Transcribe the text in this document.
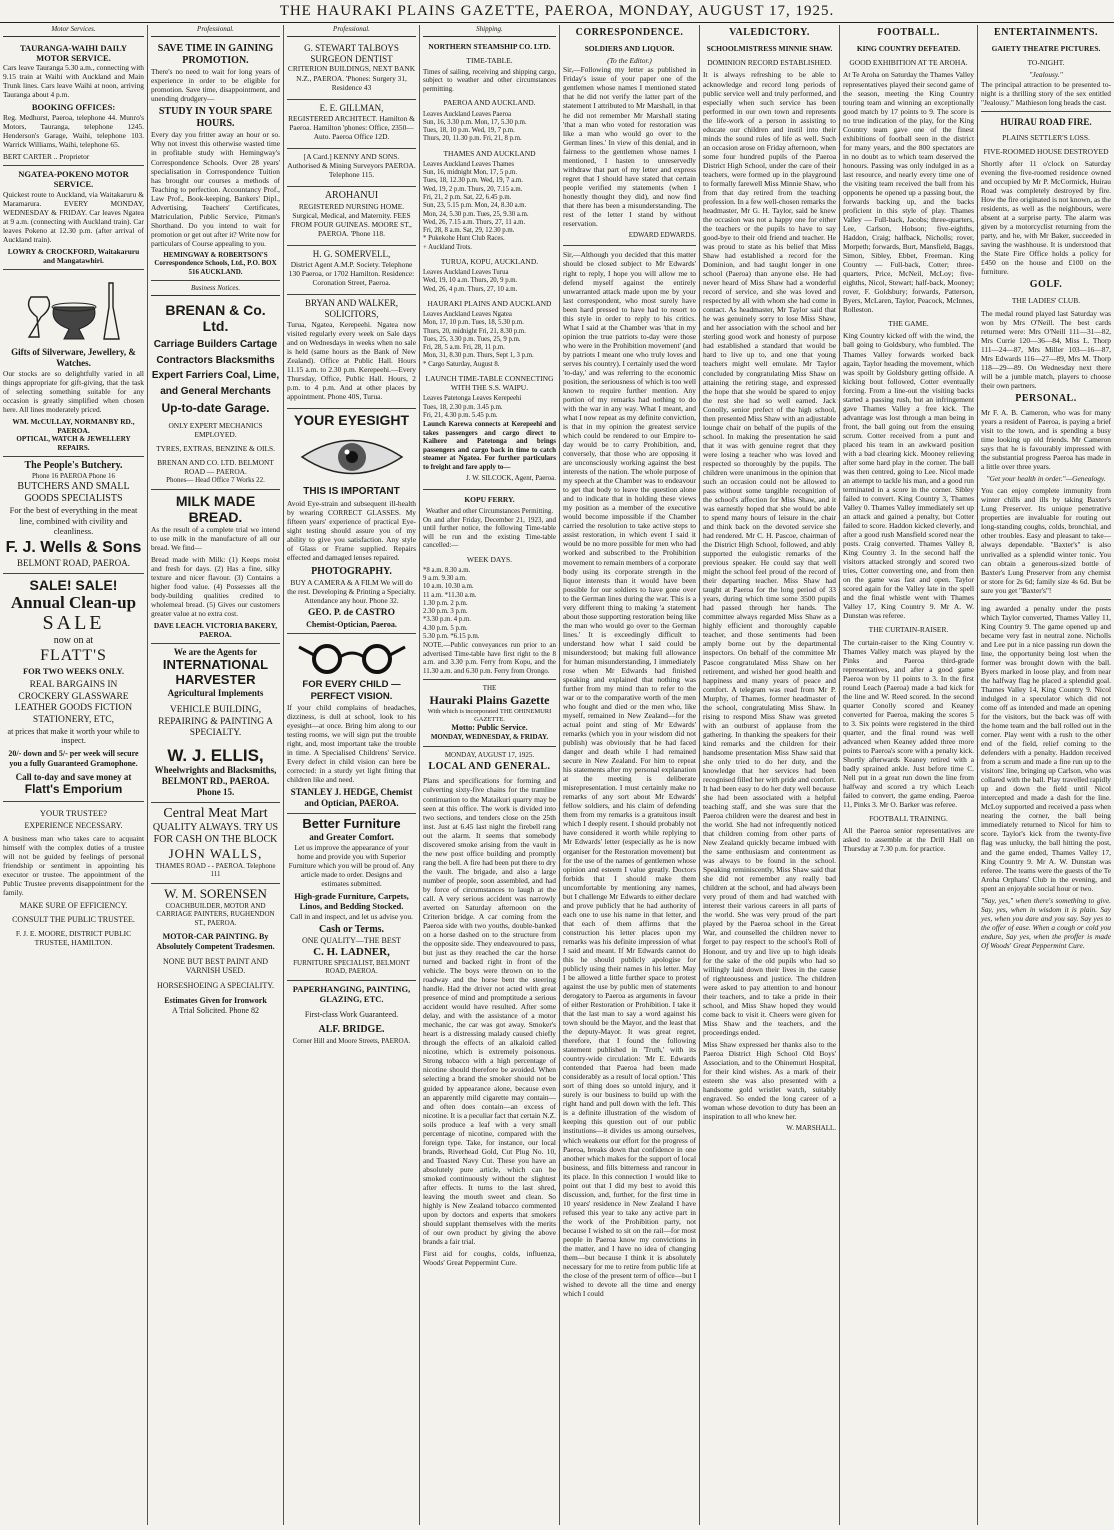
THE HAURAKI PLAINS GAZETTE, PAEROA, MONDAY, AUGUST 17, 1925.
Motor Services.
TAURANGA-WAIHI DAILY MOTOR SERVICE.

Cars leave Tauranga 5.30 a.m., connecting with 9.15 train at Waihi with Auckland and Main Trunk lines. Cars leave Waihi at noon, arriving Tauranga about 4 p.m.

BOOKING OFFICES:

Reg. Medhurst, Paeroa, telephone 44. Munro's Motors, Tauranga, telephone 1245. Henderson's Garage, Waihi, telephone 103. Warrick Williams, Waihi, telephone 65.

BERT CARTER .. Proprietor
NGATEA-POKENO MOTOR SERVICE.

Quickest route to Auckland, via Waitakaruru & Maramarura. EVERY MONDAY, WEDNESDAY & FRIDAY. Car leaves Ngatea at 9 a.m. (connecting with Auckland train). Car leaves Pokeno at 12.30 p.m. (after arrival of Auckland train).

LOWRY & CROCKFORD, Waitakaruru and Mangatawhiri.
Gifts of Silverware, Jewellery, & Watches.

Our stocks are so delightfully varied in all things appropriate for gift-giving, that the task of selecting something suitable for any occasion is greatly simplified when chosen here. All lines moderately priced.

WM. McCULLAY, NORMANBY RD., PAEROA.
OPTICAL, WATCH & JEWELLERY REPAIRS.
The People's Butchery.
Phone 16 PAEROA Phone 16
BUTCHERS AND SMALL GOODS SPECIALISTS

For the best of everything in the meat line, combined with civility and cleanliness.

F. J. Wells & Sons
BELMONT ROAD, PAEROA.
SALE! SALE!
Annual Clean-up
SALE
now on at
FLATT'S
FOR TWO WEEKS ONLY.
REAL BARGAINS IN CROCKERY GLASSWARE LEATHER GOODS FICTION STATIONERY, ETC,

at prices that make it worth your while to inspect.

20/- down and 5/- per week will secure you a fully Guaranteed Gramophone.

Call to-day and save money at
Flatt's Emporium
YOUR TRUSTEE?
EXPERIENCE NECESSARY.

A business man who takes care to acquaint himself with the complex duties of a trustee will not be guided by feelings of personal friendship or sentiment in appointing his executor or trustee. The appointment of the Public Trustee prevents disappointment for the family.

MAKE SURE OF EFFICIENCY.
CONSULT THE PUBLIC TRUSTEE.
F. J. E. MOORE, DISTRICT PUBLIC TRUSTEE, HAMILTON.
Professional.
SAVE TIME IN GAINING PROMOTION.

There's no need to wait for long years of experience in order to be eligible for promotion. Save time, disappointment, and unending drudgery—

STUDY IN YOUR SPARE HOURS.

Every day you fritter away an hour or so. Why not invest this otherwise wasted time in profitable study with Hemingway's Correspondence Schools. Over 28 years' specialisation in Correspondence Tuition has brought our courses a methods of Teaching to perfection. Accountancy Prof., Law Prof., Book-keeping, Bankers' Dipl., Advertising, Teachers' Certificates, Matriculation, Public Service, Pitman's Shorthand. Do you intend to wait for promotion or get out after it? Write now for particulars of Course appealing to you.

HEMINGWAY & ROBERTSON'S Correspondence Schools, Ltd., P.O. BOX 516 AUCKLAND.
Business Notices.
BRENAN & Co. Ltd.
Carriage Builders Cartage Contractors Blacksmiths Expert Farriers Coal, Lime, and General Merchants
Up-to-date Garage.
ONLY EXPERT MECHANICS EMPLOYED.
TYRES, EXTRAS, BENZINE & OILS.
BRENAN AND CO. LTD. BELMONT ROAD — PAEROA.
Phones— Head Office 7 Works 22.
MILK MADE BREAD.

As the result of a complete trial we intend to use milk in the manufacture of all our bread. We find—

Bread made with Milk: (1) Keeps moist and fresh for days. (2) Has a fine, silky texture and nicer flavour. (3) Contains a higher food value. (4) Possesses all the body-building qualities credited to wholemeal bread. (5) Gives our customers greater value at no extra cost.

DAVE LEACH. VICTORIA BAKERY, PAEROA.
We are the Agents for
INTERNATIONAL HARVESTER
Agricultural Implements
VEHICLE BUILDING, REPAIRING & PAINTING A SPECIALTY.
W. J. ELLIS,
Wheelwrights and Blacksmiths, BELMONT RD., PAEROA. Phone 15.
Central Meat Mart
QUALITY ALWAYS. TRY US FOR CASH ON THE BLOCK
JOHN WALLS,
THAMES ROAD - - PAEROA. Telephone 111
W. M. SORENSEN
COACHBUILDER, MOTOR AND CARRIAGE PAINTERS, RUGHENDON ST., PAEROA.
MOTOR-CAR PAINTING. By Absolutely Competent Tradesmen.
NONE BUT BEST PAINT AND VARNISH USED.
HORSESHOEING A SPECIALITY.
Estimates Given for Ironwork
A Trial Solicited. Phone 82
Professional.
G. STEWART TALBOYS SURGEON DENTIST

CRITERION BUILDINGS, NEXT BANK N.Z., PAEROA. 'Phones: Surgery 31, Residence 43

E. E. GILLMAN,

REGISTERED ARCHITECT. Hamilton & Paeroa. Hamilton 'phones: Office, 2350—Auto. Paeroa Office 12D.

[A Card.] KENNY AND SONS. Authorised & Mining Surveyors PAEROA. Telephone 115.

AROHANUI

REGISTERED NURSING HOME. Surgical, Medical, and Maternity. FEES FROM FOUR GUINEAS. MOORE ST., PAEROA. 'Phone 118.

H. G. SOMERVELL,

District Agent A.M.P. Society. Telephone 130 Paeroa, or 1702 Hamilton. Residence: Coronation Street, Paeroa.

BRYAN AND WALKER, SOLICITORS,

Turua, Ngatea, Kerepeehi. Ngatea now visited regularly every week on Sale days and on Wednesdays in weeks when no sale is held (same hours as the Bank of New Zealand). Office at Public Hall. Hours 11.15 a.m. to 2.30 p.m. Kerepeehi.—Every Thursday, Office, Public Hall. Hours, 2 p.m. to 4 p.m. And at other places by appointment. Phone 40S, Turua.

YOUR EYESIGHT
THIS IS IMPORTANT

Avoid Eye-strain and subsequent ill-health by wearing CORRECT GLASSES. My fifteen years' experience of practical Eye-sight testing should assure you of my ability to give you satisfaction. Any style of Glass or Frame supplied. Repairs effected and damaged lenses repaired.

PHOTOGRAPHY.

BUY A CAMERA & A FILM We will do the rest. Developing & Printing a Specialty. Attendance any hour. Phone 32.

GEO. P. de CASTRO
Chemist-Optician, Paeroa.
FOR EVERY CHILD —PERFECT VISION.

If your child complains of headaches, dizziness, is dull at school, look to his eyesight—at once. Bring him along to our testing rooms, we will sign put the trouble right, and, most important take the trouble in time. A Specialised Childrens' Service. Every defect in child vision can here be corrected: in a sturdy yet light fitting that children like and need.

STANLEY J. HEDGE, Chemist and Optician, PAEROA.
Better Furniture
and Greater Comfort.

Let us improve the appearance of your home and provide you with Superior Furniture which you will be proud of. Any article made to order. Designs and estimates submitted.

High-grade Furniture, Carpets, Linos, and Bedding Stocked.

Call in and inspect, and let us advise you.

Cash or Terms.
ONE QUALITY—THE BEST
C. H. LADNER,
FURNITURE SPECIALIST, BELMONT ROAD, PAEROA.
PAPERHANGING, PAINTING, GLAZING, ETC.
First-class Work Guaranteed.
ALF. BRIDGE.
Corner Hill and Moore Streets, PAEROA.
Shipping.
NORTHERN STEAMSHIP CO. LTD.
TIME-TABLE.

Times of sailing, receiving and shipping cargo, subject to weather and other circumstances permitting.

PAEROA AND AUCKLAND.
Leaves Auckland Leaves Paeroa
Sun, 16, 3.30 p.m. Mon, 17, 5.30 p.m.
Tues, 18, 10 p.m. Wed, 19, 7 p.m.
Thurs, 20, 11.30 p.m. Fri, 21, 8 p.m.
THAMES AND AUCKLAND
Leaves Auckland Leaves Thames
Sun, 16, midnight Mon, 17, 5 p.m.
Tues, 18, 12.30 p.m. Wed, 19, 7 a.m.
Wed, 19, 2 p.m. Thurs, 20, 7.15 a.m.
Fri, 21, 2 p.m. Sat, 22, 6.45 p.m.
Sun, 23, 5.15 p.m. Mon, 24, 8.30 a.m.
Mon, 24, 5.30 p.m. Tues, 25, 9.30 a.m.
Wed, 26, 7.15 a.m. Thurs, 27, 11 a.m.
Fri, 28, 8 a.m. Sat, 29, 12.30 p.m.
* Pukekohe Hunt Club Races.
+ Auckland Trots.
TURUA, KOPU, AUCKLAND.
Leaves Auckland Leaves Turua
Wed, 19, 10 a.m. Thurs, 20, 9 p.m.
Wed, 26, 4 p.m. Thurs, 27, 10 a.m.
HAURAKI PLAINS AND AUCKLAND
Leaves Auckland Leaves Ngatea
Mon, 17, 10 p.m. Tues, 18, 5.30 p.m.
Thurs, 20, midnight Fri, 21, 8.30 p.m.
Tues, 25, 3.30 p.m. Tues, 25, 9 p.m.
Fri, 28, 5 a.m. Fri, 28, 11 p.m.
Mon, 31, 8.30 p.m. Thurs, Sept 1, 3 p.m.
* Cargo Saturday, August 8.
LAUNCH TIME-TABLE CONNECTING WITH THE S.S. WAIPU.
Leaves Patetonga Leaves Kerepeehi
Tues, 18, 2.30 p.m. 3.45 p.m.
Fri, 21, 4.30 p.m. 5.45 p.m.

Launch Karewa connects at Kerepeehi and takes passengers and cargo direct to Kaihere and Patetonga and brings passengers and cargo back in time to catch steamer at Ngatea. For further particulars to freight and fare apply to—

J. W. SILCOCK, Agent, Paeroa.
KOPU FERRY.
Weather and other Circumstances Permitting.

On and after Friday, December 21, 1923, and until further notice, the following Time-table will be run and the existing Time-table cancelled:—

WEEK DAYS.
*8 a.m. 8.30 a.m.
9 a.m. 9.30 a.m.
10 a.m. 10.30 a.m.
11 a.m. *11.30 a.m.
1.30 p.m. 2 p.m.
2.30 p.m. 3 p.m.
*3.30 p.m. 4 p.m.
4.30 p.m. 5 p.m.
5.30 p.m. *6.15 p.m.

NOTE.—Public conveyances run prior to an advertised Time-table have first right to the 8 a.m. and 3.30 p.m. Ferry from Kopu, and the 11.30 a.m. and 6.30 p.m. Ferry from Orongo.

THE
Hauraki Plains Gazette
With which is incorporated THE OHINEMURI GAZETTE.
Motto: Public Service.
MONDAY, WEDNESDAY, & FRIDAY.
MONDAY, AUGUST 17, 1925.
LOCAL AND GENERAL.

Plans and specifications for forming and culverting sixty-five chains for the tramline continuation to the Mataikuri quarry may be seen at this office. The work is divided into two sections, and tenders close on the 25th inst. Just at 6.45 last night the firebell rang out the alarm. It seems that somebody discovered smoke arising from the vault in the new post office building and promptly rang the bell. A fire had been put there to dry the vault. The brigade, and also a large number of people, soon assembled, and had by force of circumstances to laugh at the call. A very serious accident was narrowly averted on Saturday afternoon on the Criterion bridge. A car coming from the Paeroa side with two youths, double-banked on a horse dashed on to the structure from the opposite side. They endeavoured to pass, but just as they reached the car the horse turned and backed right in front of the vehicle. The boys were thrown on to the roadway and the horse bent the steering handle. Had the driver not acted with great presence of mind and promptitude a serious accident would have resulted. After some delay, and with the assistance of a motor mechanic, the car was got away. Smoker's heart is a distressing malady caused chiefly through the effects of an alkaloid called nicotine, which is extremely poisonous. Strong tobacco with a high percentage of nicotine should therefore be avoided. When selecting a brand the smoker should not be guided by appearance alone, because even an apparently mild cigarette may contain—and often does contain—an excess of nicotine. It is a peculiar fact that certain N.Z. soils produce a leaf with a very small percentage of nicotine, compared with the foreign type. Take, for instance, our local brands, Riverhead Gold, Cut Plug No. 10, and Toasted Navy Cut. These you have an absolutely pure article, which can be smoked continuously without the slightest after effects. It turns to the last shred, leaving the mouth sweet and clean. So highly is New Zealand tobacco commented upon by doctors and experts that smokers should supplant themselves with the merits of our own product by giving the above brands a fair trial.

First aid for coughs, colds, influenza, Woods' Great Peppermint Cure.

CORRESPONDENCE.
SOLDIERS AND LIQUOR.
(To the Editor.)

Sir,—Following my letter as published in Friday's issue of your paper one of the gentlemen whose names I mentioned stated that he did not verify the latter part of the statement I attributed to Mr Marshall, in that he did not remember Mr Marshall stating 'that a man who voted for restoration was like a man who would go over to the German lines.' In view of this denial, and in fairness to the gentlemen whose names I mentioned, I hasten to unreservedly withdraw that part of my letter and express regret that I should have stated that certain people verified my statements (when I honestly thought they did), and now find that there has been a misunderstanding. The rest of the letter I stand by without reservation.

EDWARD EDWARDS.

Sir,—Although you decided that this matter should be closed subject to Mr Edwards' right to reply, I hope you will allow me to defend myself against the entirely unwarranted attack made upon me by your last correspondent, who most surely have been hard pressed to have had to resort to this style in order to reply to his critics. What I said at the Chamber was 'that in my opinion the true patriots to-day were those who were in the Prohibition movement' (and by patriots I meant one who truly loves and serves his country). I certainly used the word 'to-day,' and was referring to the economic position, the seriousness of which is too well known to require further mention. Any portion of my remarks had nothing to do with the war in any way. What I meant, and what I now repeat as my definite conviction, is that in my opinion the greatest service which could be rendered to our Empire to-day would be to carry Prohibition, and, conversely, that those who are opposing it are unconsciously working against the best interests of the nation. The whole purpose of my speech at the Chamber was to endeavour to get that body to leave the question alone and to indicate that in holding these views my position as a member of the executive would become impossible if the Chamber carried the resolution to take active steps to assist restoration, in which event I said it would be no more possible for men who had worked and subscribed to the Prohibition movement to remain members of a corporate body using its corporate strength in the liquor interests than it would have been possible for our soldiers to have gone over to the German lines during the war. This is a very different thing to making 'a statement about those supporting restoration being like the man who would go over to the German lines.' It is exceedingly difficult to understand how what I said could be misunderstood; but making full allowance for human misunderstanding, I immediately rose when Mr Edwards had finished speaking and explained that nothing was further from my mind than to refer to the war or to the comparative worth of the men who fought and died or the men who, like myself, remained in New Zealand—for the actual point and sting of Mr Edwards' remarks (which you in your wisdom did not publish) was obviously that he had faced danger and death while I had remained secure in New Zealand. For him to repeat his statements after my personal explanation at the meeting is deliberate misrepresentation. I must certainly make no remarks of any sort about Mr Edwards' fellow soldiers, and his claim of defending them from my remarks is a gratuitous insult which I deeply resent. I should probably not have considered it worth while replying to Mr Edwards' letter (especially as he is now organiser for the Restoration movement) but for the use of the names of gentlemen whose opinion and esteem I value greatly. Doctors forbids that I should make them uncomfortable by mentioning any names, but I challenge Mr Edwards to either declare and prove publicly that he had authority of each one to use his name in that letter, and that each of them affirms that the construction his letter places upon my remarks was his definite impression of what I said and meant. If Mr Edwards cannot do this he should publicly apologise for publicly using their names in his letter. May I be allowed a little further space to protest against the use by public men of statements derogatory to Paeroa as arguments in favour of either Restoration or Prohibition. I take it that the last man to say a word against his town should be the Mayor, and the least that the deputy-Mayor. It was great regret, therefore, that I found the following statement published in 'Truth,' with its country-wide circulation: 'Mr E. Edwards contended that Paeroa had been made considerably as a result of local option.' This sort of thing does so untold injury, and it surely is our business to build up with the right hand and pull down with the left. This is a definite illustration of the wisdom of keeping this question out of our public institutions—it divides us among ourselves, which weakens our effort for the progress of Paeroa, breaks down that confidence in one another which makes for the support of local business, and fills bitterness and rancour in its place. In this connection I would like to point out that I did my best to avoid this discussion, and, further, for the first time in 10 years' residence in New Zealand I have refused this year to take any active part in the work of the Prohibition party, not because I wished to sit on the rail—for most people in Paeroa know my convictions in the matter, and I have no idea of changing them—but because I think it is absolutely necessary for me to retire from public life at the close of the present term of office—but I wished to devote all the time and energy which I could

VALEDICTORY.
SCHOOLMISTRESS MINNIE SHAW.
DOMINION RECORD ESTABLISHED.

It is always refreshing to be able to acknowledge and record long periods of public service well and truly performed, and especially when such service has been performed in our own town and represents the life-work of a person in assisting to educate our children and instil into their minds the sound rules of life as well. Such an occasion arose on Friday afternoon, when some four hundred pupils of the Paeroa District High School, under the care of their teachers, were formed up in the playground to formally farewell Miss Minnie Shaw, who from that day retired from the teaching profession. In a few well-chosen remarks the headmaster, Mr G. H. Taylor, said he knew the occasion was not a happy one for either the teachers or the pupils to have to say good-bye to their old friend and teacher. He was proud to state as his belief that Miss Shaw had established a record for the Dominion, and had taught longer in one school (Paeroa) than anyone else. He had never heard of Miss Shaw had a wonderful record of service, and she was loved and respected by all with whom she had come in contact. As headmaster, Mr Taylor said that he was genuinely sorry to lose Miss Shaw, and her association with the school and her sterling good work and honesty of purpose had established a standard that would be hard to live up to, and one that young teachers might well emulate. Mr Taylor concluded by congratulating Miss Shaw on attaining the retiring stage, and expressed the hope that she would be spared to enjoy the rest she had so well earned. Jack Conolly, senior prefect of the high school, then presented Miss Shaw with an adjustable lounge chair on behalf of the pupils of the school. In making the presentation he said that it was with genuine regret that they were losing a teacher who was loved and respected so thoroughly by the pupils. The children were unanimous in the opinion that such an occasion could not be allowed to pass without some tangible recognition of the school's affection for Miss Shaw, and it was earnestly hoped that she would be able to spend many hours of leisure in the chair and think back on the devoted service she had rendered. Mr C. H. Pascoe, chairman of the District High School, followed, and ably supported the eulogistic remarks of the previous speaker. He could say that well might the school feel proud of the record of their departing teacher. Miss Shaw had taught at Paeroa for the long period of 33 years, during which time some 3500 pupils had passed through her hands. The committee always regarded Miss Shaw as a highly efficient and thoroughly capable teacher, and those sentiments had been amply borne out by the departmental inspectors. On behalf of the committee Mr Pascoe congratulated Miss Shaw on her retirement, and wished her good health and happiness and many years of peace and comfort. A telegram was read from Mr P. Murphy, of Thames, former headmaster of the school, congratulating Miss Shaw. In rising to respond Miss Shaw was greeted with an outburst of applause from the gathering. In thanking the speakers for their kind remarks and the children for their handsome presentation Miss Shaw said that she only tried to do her duty, and the knowledge that her services had been recognised filled her with pride and comfort. It had been easy to do her duty well because she had been associated with a helpful teaching staff, and she was sure that the Paeroa children were the dearest and best in the world. She had not infrequently noticed that children coming from other parts of New Zealand quickly became imbued with the same enthusiasm and contentment as was always to be found in the school. Speaking reminiscently, Miss Shaw said that she did not remember any really bad children at the school, and had always been very proud of them and had watched with interest their various careers in all parts of the world. She was very proud of the part played by the Paeroa school in the Great War, and counselled the children never to forget to pay respect to the school's Roll of Honour, and try and live up to high ideals for the sake of the old pupils who had so willingly laid down their lives in the cause of righteousness and justice. The children were asked to pay attention to and honour their teachers, and to take a pride in their school, and Miss Shaw hoped they would come back to visit it. Cheers were given for Miss Shaw and the teachers, and the proceedings ended.

Miss Shaw expressed her thanks also to the Paeroa District High School Old Boys' Association, and to the Ohinemuri Hospital, for their kind wishes. As a mark of their esteem she was also presented with a handsome gold wristlet watch, suitably engraved. So ended the long career of a woman whose devotion to duty has been an inspiration to all who knew her.

W. MARSHALL.
FOOTBALL.
KING COUNTRY DEFEATED.
GOOD EXHIBITION AT TE AROHA.

At Te Aroha on Saturday the Thames Valley representatives played their second game of the season, meeting the King Country touring team and winning an exceptionally good match by 17 points to 9. The score is no true indication of the play, for the King Country team gave one of the finest exhibitions of football seen in the district for many years, and the 800 spectators are in no doubt as to which team deserved the honours. Passing was only indulged in as a last resource, and nearly every time one of the visiting team received the ball from his opponents he opened up a passing bout, the forwards backing up, and the backs proficient in this style of play. Thames Valley — Full-back, Jacobs; three-quarters, Lee, Carlson, Hobson; five-eighths, Haddon, Craig; halfback, Nicholls; rover, Morpeth; forwards, Burt, Mansfield, Baggs, Simon, Sibley, Ebbet, Freeman. King Country — Full-back, Cotter; three-quarters, Price, McNeil, McLoy; five-eighths, Nicol, Stewart; half-back, Mooney; rover, F. Goldsbury; forwards, Patterson, Byers, McLaren, Taylor, Peacock, McInnes, Rolleston.

THE GAME.

King Country kicked off with the wind, the ball going to Goldsbury, who fumbled. The Thames Valley forwards worked back again, Taylor heading the movement, which was spoilt by Goldsbury getting offside. A kicking bout followed, Cotter eventually forcing. From a line-out the visiting backs started a passing rush, but an infringement gave Thames Valley a free kick. The advantage was lost through a man being in front, the ball going out from the ensuing scrum. Cotter received from a punt and placed his team in an awkward position with a bad clearing kick. Mooney relieving after some hard play in the corner. The ball was then centred, going to Lee. Nicol made an attempt to tackle his man, and a good run terminated in a score in the corner. Sibley failed to convert. King Country 3, Thames Valley 0. Thames Valley immediately set up an attack and gained a penalty, but Cotter failed to score. Haddon kicked cleverly, and after a good rush Mansfield scored near the posts. Craig converted. Thames Valley 8, King Country 3. In the second half the visitors attacked strongly and scored two tries, Cotter converting one, and from then on the game was fast and open. Taylor scored again for the Valley late in the spell and the final whistle went with Thames Valley 17, King Country 9. Mr A. W. Dunstan was referee.

THE CURTAIN-RAISER.

The curtain-raiser to the King Country v. Thames Valley match was played by the Pinks and Paeroa third-grade representatives, and after a good game Paeroa won by 11 points to 3. In the first round Leach (Paeroa) made a bad kick for the line and W. Reed scored. In the second quarter Conolly scored and Keaney converted for Paeroa, making the scores 5 to 3. Six points were registered in the third quarter, and the final round was well advanced when Keaney added three more points to Paeroa's score with a penalty kick. Shortly afterwards Keaney retired with a badly sprained ankle. Just before time C. Nell put in a great run down the line from halfway and scored a try which Leach failed to convert, the game ending, Paeroa 11, Pinks 3. Mr O. Barker was referee.

FOOTBALL TRAINING.

All the Paeroa senior representatives are asked to assemble at the Drill Hall on Thursday at 7.30 p.m. for practice.

ENTERTAINMENTS.
GAIETY THEATRE PICTURES.
TO-NIGHT.
"Jealousy."

The principal attraction to be presented to-night is a thrilling story of the sex entitled "Jealousy." Mathieson long heads the cast.

HUIRAU ROAD FIRE.
PLAINS SETTLER'S LOSS.
FIVE-ROOMED HOUSE DESTROYED

Shortly after 11 o'clock on Saturday evening the five-roomed residence owned and occupied by Mr P. McCormick, Huirau Road was completely destroyed by fire. How the fire originated is not known, as the residents, as well as the neighbours, were absent at a surprise party. The alarm was given by a motorcyclist returning from the party, and he, with Mr Baker, succeeded in saving the washhouse. It is understood that the State Fire Office holds a policy for £450 on the house and £100 on the furniture.

GOLF.
THE LADIES' CLUB.

The medal round played last Saturday was won by Mrs O'Neill. The best cards returned were: Mrs O'Neill 111—31—82, Mrs Currie 120—36—84, Miss L. Thorp 111—24—87, Mrs Miller 103—16—87, Mrs Edwards 116—27—89, Mrs M. Thorp 118—29—89. On Wednesday next there will be a jumble match, players to choose their own partners.

PERSONAL.

Mr F. A. B. Cameron, who was for many years a resident of Paeroa, is paying a brief visit to the town, and is spending a busy time looking up old friends. Mr Cameron says that he is favourably impressed with the substantial progress Paeroa has made in a little over three years.

"Get your health in order."—Genealogy.

You can enjoy complete immunity from winter chills and ills by taking Baxter's Lung Preserver. Its unique penetrative properties are invaluable for routing out long-standing coughs, colds, bronchial, and other troubles. Easy and pleasant to take—always dependable. "Baxter's" is also unrivalled as a splendid winter tonic. You can obtain a generous-sized bottle of Baxter's Lung Preserver from any chemist or store for 2s 6d; family size 4s 6d. But be sure you get "Baxter's"!

ing awarded a penalty under the posts which Taylor converted, Thames Valley 11, King Country 9. The game opened up and became very fast in neutral zone. Nicholls and Lee put in a nice passing run down the line, the opportunity being lost when the former was brought down with the ball. Byers marked in loose play, and from near the halfway flag he placed a splendid goal. Thames Valley 14, King Country 9. Nicol indulged in a speculator which did not come off as intended and made an opening for the visitors, but the back was off with the home team and the ball rolled out in the corner. Play went with a rush to the other end of the field, relief coming to the defenders with a penalty. Haddon received from a scrum and made a fine run up to the visitors' line, bringing up Carlson, who was collared with the ball. Play travelled rapidly up and down the field until Nicol intercepted and made a dash for the line. McLoy supported and received a pass when nearing the corner, the ball being immediately returned to Nicol for him to score. Taylor's kick from the twenty-five flag was unlucky, the ball hitting the post, and the game ended, Thames Valley 17, King Country 9. Mr A. W. Dunstan was referee. The teams were the guests of the Te Aroha Orphans' Club in the evening, and spent an enjoyable social hour or two.

"Say, yes," when there's something to give. Say, yes, when in wisdom it is plain. Say yes, when you dare and you say. Say yes to the offer of ease. When a cough or cold you endure, Say yes, when the proffer is made Of Woods' Great Peppermint Cure.
